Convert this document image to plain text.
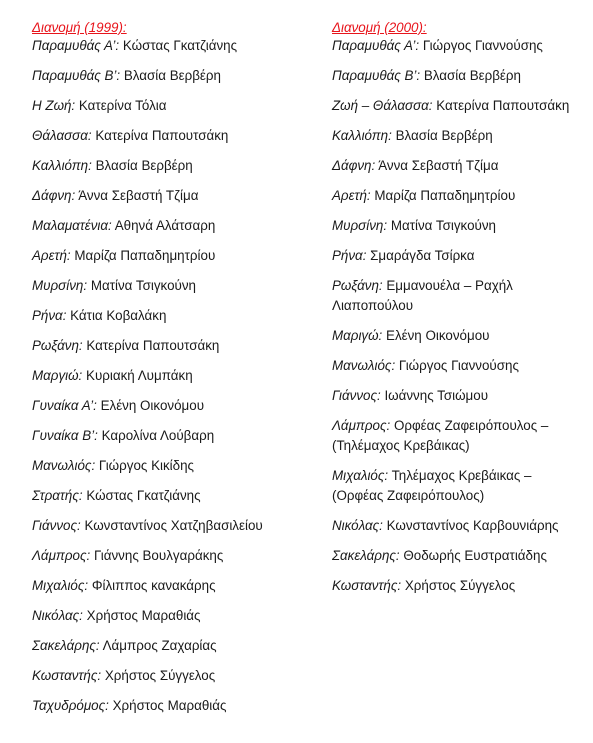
Διανομή (1999):
Παραμυθάς Α’: Κώστας Γκατζιάνης
Παραμυθάς Β’: Βλασία Βερβέρη
Η Ζωή: Κατερίνα Τόλια
Θάλασσα: Κατερίνα Παπουτσάκη
Καλλιόπη: Βλασία Βερβέρη
Δάφνη: Άννα Σεβαστή Τζίμα
Μαλαματένια: Αθηνά Αλάτσαρη
Αρετή: Μαρίζα Παπαδημητρίου
Μυρσίνη: Ματίνα Τσιγκούνη
Ρήνα: Κάτια Κοβαλάκη
Ρωξάνη: Κατερίνα Παπουτσάκη
Μαργιώ: Κυριακή Λυμπάκη
Γυναίκα Α’: Ελένη Οικονόμου
Γυναίκα Β’: Καρολίνα Λούβαρη
Μανωλιός: Γιώργος Κικίδης
Στρατής: Κώστας Γκατζιάνης
Γιάννος: Κωνσταντίνος Χατζηβασιλείου
Λάμπρος: Γιάννης Βουλγαράκης
Μιχαλιός: Φίλιππος κανακάρης
Νικόλας: Χρήστος Μαραθιάς
Σακελάρης: Λάμπρος Ζαχαρίας
Κωσταντής: Χρήστος Σύγγελος
Ταχυδρόμος: Χρήστος Μαραθιάς
Διανομή (2000):
Παραμυθάς Α’: Γιώργος Γιαννούσης
Παραμυθάς Β’: Βλασία Βερβέρη
Ζωή – Θάλασσα: Κατερίνα Παπουτσάκη
Καλλιόπη: Βλασία Βερβέρη
Δάφνη: Άννα Σεβαστή Τζίμα
Αρετή: Μαρίζα Παπαδημητρίου
Μυρσίνη: Ματίνα Τσιγκούνη
Ρήνα: Σμαράγδα Τσίρκα
Ρωξάνη: Εμμανουέλα – Ραχήλ
Λιαποπούλου
Μαριγώ: Ελένη Οικονόμου
Μανωλιός: Γιώργος Γιαννούσης
Γιάννος: Ιωάννης Τσιώμου
Λάμπρος: Ορφέας Ζαφειρόπουλος –
(Τηλέμαχος Κρεβάικας)
Μιχαλιός: Τηλέμαχος Κρεβάικας –
(Ορφέας Ζαφειρόπουλος)
Νικόλας: Κωνσταντίνος Καρβουνιάρης
Σακελάρης: Θοδωρής Ευστρατιάδης
Κωσταντής: Χρήστος Σύγγελος
